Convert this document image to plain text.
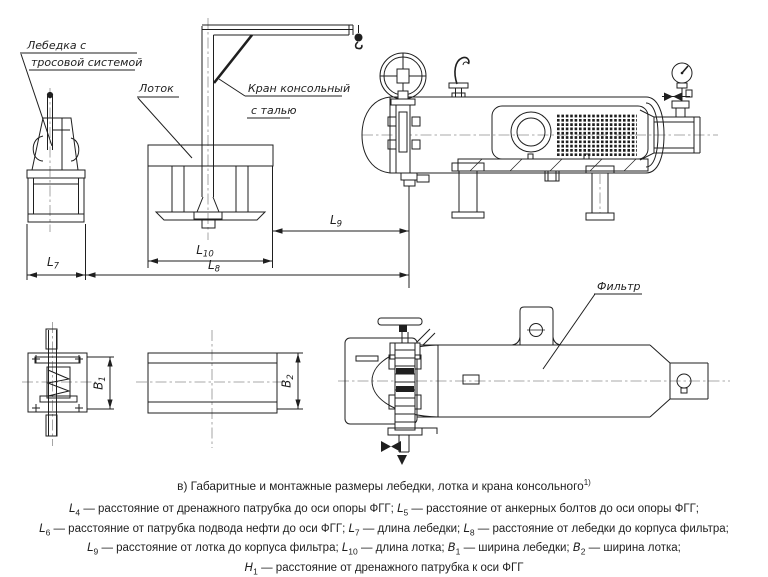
$L_7$	$L_8$
$L_9$
$L_{10}$
$B_1$
$B_2$
Лебедка с
тросовой системой
Лоток	Кран консольный
с талью
Фильтр
в) Габаритные и монтажные размеры лебедки, лотка и крана консольного$^{1)}$
$L_4$ — расстояние от дренажного патрубка до оси опоры ФГГ; $L_5$ — расстояние от анкерных болтов до оси опоры ФГГ;
$L_6$ — расстояние от патрубка подвода нефти до оси ФГГ; $L_7$ — длина лебедки; $L_8$ — расстояние от лебедки до корпуса фильтра;
$L_9$ — расстояние от лотка до корпуса фильтра; $L_{10}$ — длина лотка; $B_1$ — ширина лебедки; $B_2$ — ширина лотка;
$H_1$ — расстояние от дренажного патрубка к оси ФГГ
